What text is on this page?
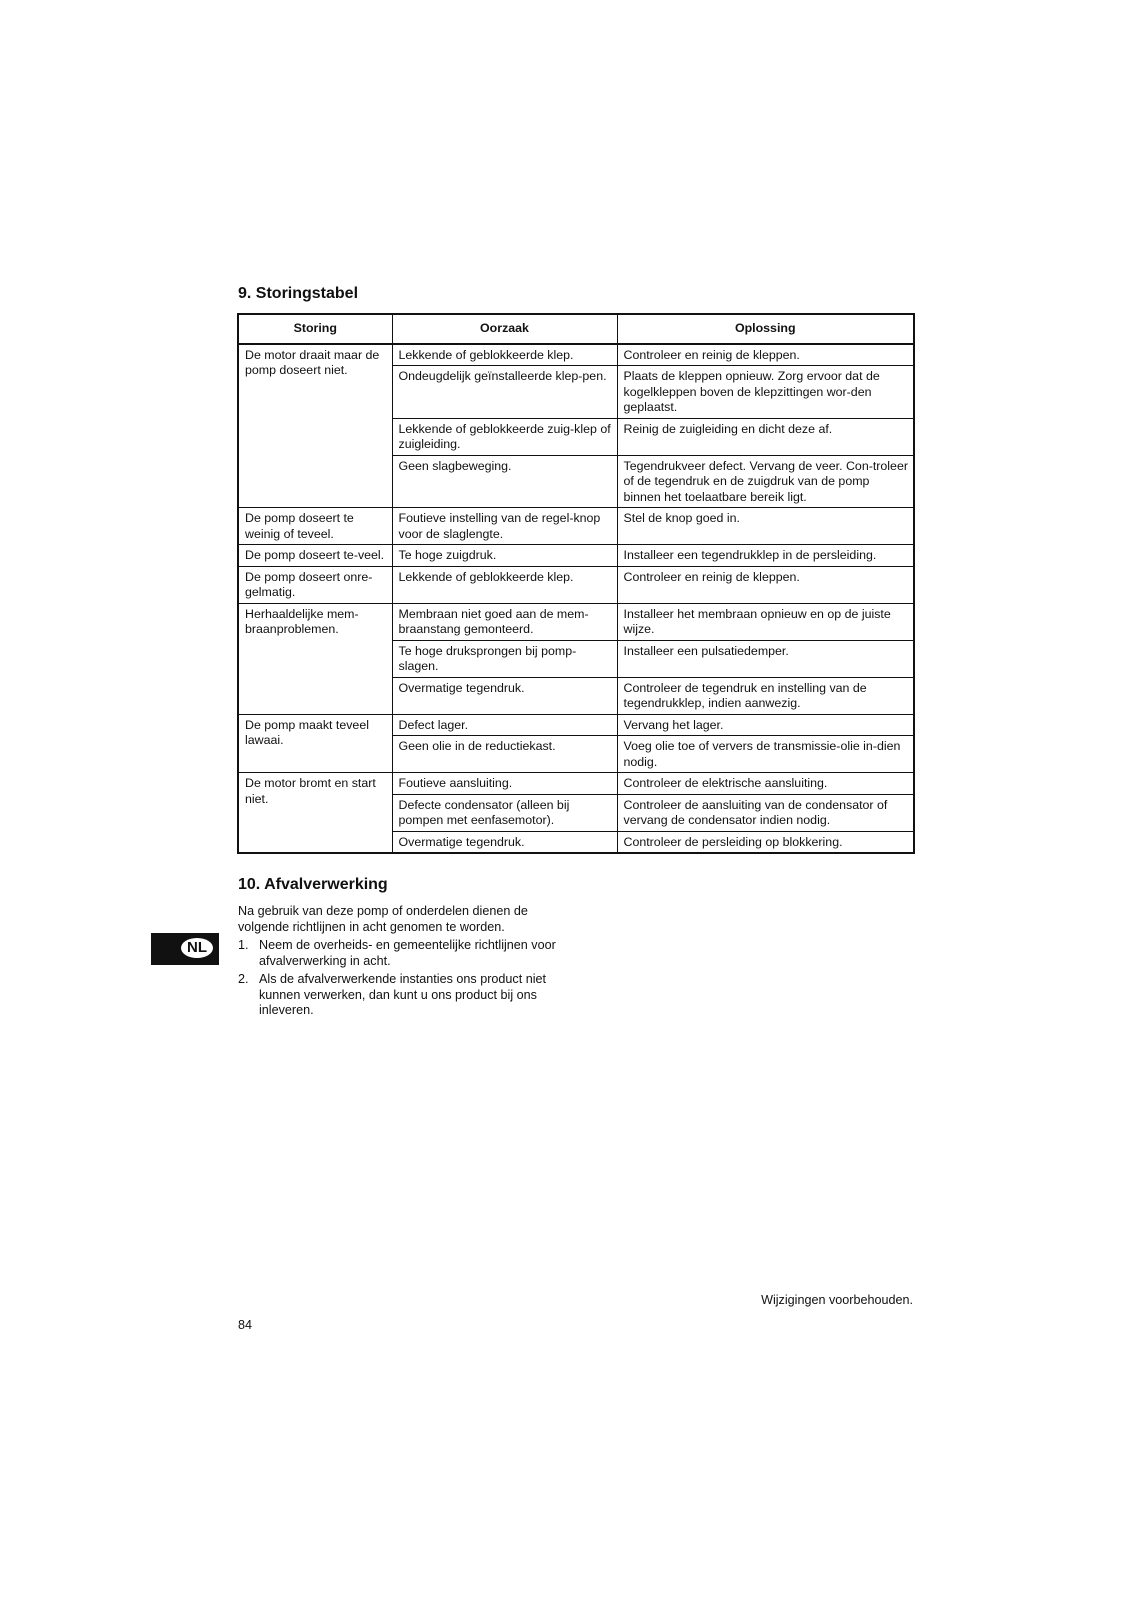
9. Storingstabel
Storing	Oorzaak	Oplossing
De motor draait maar de pomp doseert niet.	Lekkende of geblokkeerde klep.	Controleer en reinig de kleppen.
	Ondeugdelijk geïnstalleerde klep-pen.	Plaats de kleppen opnieuw. Zorg ervoor dat de kogelkleppen boven de klepzittingen wor-den geplaatst.
	Lekkende of geblokkeerde zuig-klep of zuigleiding.	Reinig de zuigleiding en dicht deze af.
	Geen slagbeweging.	Tegendrukveer defect. Vervang de veer. Con-troleer of de tegendruk en de zuigdruk van de pomp binnen het toelaatbare bereik ligt.
De pomp doseert te weinig of teveel.	Foutieve instelling van de regel-knop voor de slaglengte.	Stel de knop goed in.
De pomp doseert te-veel.	Te hoge zuigdruk.	Installeer een tegendrukklep in de persleiding.
De pomp doseert onre-gelmatig.	Lekkende of geblokkeerde klep.	Controleer en reinig de kleppen.
Herhaaldelijke mem-braanproblemen.	Membraan niet goed aan de mem-braanstang gemonteerd.	Installeer het membraan opnieuw en op de juiste wijze.
	Te hoge druksprongen bij pomp-slagen.	Installeer een pulsatiedemper.
	Overmatige tegendruk.	Controleer de tegendruk en instelling van de tegendrukklep, indien aanwezig.
De pomp maakt teveel lawaai.	Defect lager.	Vervang het lager.
	Geen olie in de reductiekast.	Voeg olie toe of ververs de transmissie-olie in-dien nodig.
De motor bromt en start niet.	Foutieve aansluiting.	Controleer de elektrische aansluiting.
	Defecte condensator (alleen bij pompen met eenfasemotor).	Controleer de aansluiting van de condensator of vervang de condensator indien nodig.
	Overmatige tegendruk.	Controleer de persleiding op blokkering.
10. Afvalverwerking

Na gebruik van deze pomp of onderdelen dienen de volgende richtlijnen in acht genomen te worden.

1. Neem de overheids- en gemeentelijke richtlijnen voor afvalverwerking in acht.
2. Als de afvalverwerkende instanties ons product niet kunnen verwerken, dan kunt u ons product bij ons inleveren.
NL
Wijzigingen voorbehouden.
84
